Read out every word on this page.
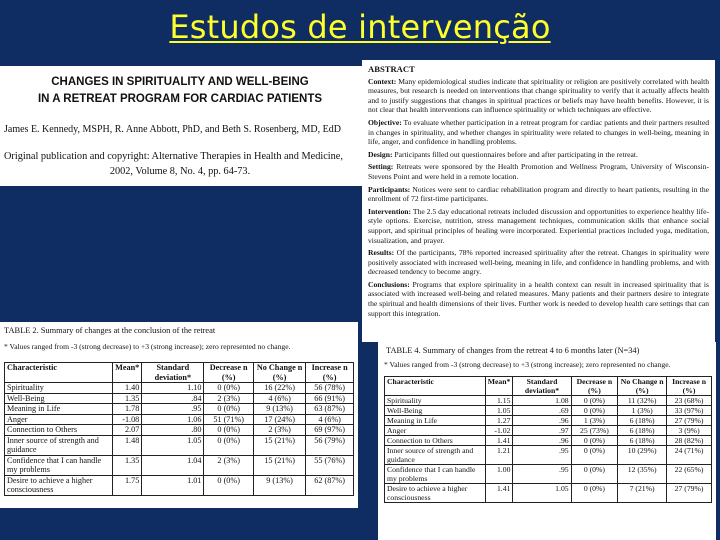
Estudos de intervenção
CHANGES IN SPIRITUALITY AND WELL-BEING
IN A RETREAT PROGRAM FOR CARDIAC PATIENTS
James E. Kennedy, MSPH, R. Anne Abbott, PhD, and Beth S. Rosenberg, MD, EdD
Original publication and copyright: Alternative Therapies in Health and Medicine,
2002, Volume 8, No. 4, pp. 64-73.
ABSTRACT

Context: Many epidemiological studies indicate that spirituality or religion are positively correlated with health measures, but research is needed on interventions that change spirituality to verify that it actually affects health and to justify suggestions that changes in spiritual practices or beliefs may have health benefits. However, it is not clear that health interventions can influence spirituality or which techniques are effective.

Objective: To evaluate whether participation in a retreat program for cardiac patients and their partners resulted in changes in spirituality, and whether changes in spirituality were related to changes in well-being, meaning in life, anger, and confidence in handling problems.

Design: Participants filled out questionnaires before and after participating in the retreat.

Setting: Retreats were sponsored by the Health Promotion and Wellness Program, University of Wisconsin-Stevens Point and were held in a remote location.

Participants: Notices were sent to cardiac rehabilitation program and directly to heart patients, resulting in the enrollment of 72 first-time participants.

Intervention: The 2.5 day educational retreats included discussion and opportunities to experience healthy life-style options. Exercise, nutrition, stress management techniques, communication skills that enhance social support, and spiritual principles of healing were incorporated. Experiential practices included yoga, meditation, visualization, and prayer.

Results: Of the participants, 78% reported increased spirituality after the retreat. Changes in spirituality were positively associated with increased well-being, meaning in life, and confidence in handling problems, and with decreased tendency to become angry.

Conclusions: Programs that explore spirituality in a health context can result in increased spirituality that is associated with increased well-being and related measures. Many patients and their partners desire to integrate the spiritual and health dimensions of their lives. Further work is needed to develop health care settings that can support this integration.

TABLE 2. Summary of changes at the conclusion of the retreat
* Values ranged from -3 (strong decrease) to +3 (strong increase); zero represented no change.
Characteristic	Mean*	Standard deviation*	Decrease n (%)	No Change n (%)	Increase n (%)
Spirituality	1.40	1.10	0 (0%)	16 (22%)	56 (78%)
Well-Being	1.35	.84	2 (3%)	4 (6%)	66 (91%)
Meaning in Life	1.78	.95	0 (0%)	9 (13%)	63 (87%)
Anger	-1.08	1.06	51 (71%)	17 (24%)	4 (6%)
Connection to Others	2.07	.80	0 (0%)	2 (3%)	69 (97%)
Inner source of strength and guidance	1.48	1.05	0 (0%)	15 (21%)	56 (79%)
Confidence that I can handle my problems	1.35	1.04	2 (3%)	15 (21%)	55 (76%)
Desire to achieve a higher consciousness	1.75	1.01	0 (0%)	9 (13%)	62 (87%)
TABLE 4. Summary of changes from the retreat 4 to 6 months later (N=34)
* Values ranged from -3 (strong decrease) to +3 (strong increase); zero represented no change.
Characteristic	Mean*	Standard deviation*	Decrease n (%)	No Change n (%)	Increase n (%)
Spirituality	1.15	1.08	0 (0%)	11 (32%)	23 (68%)
Well-Being	1.05	.69	0 (0%)	1 (3%)	33 (97%)
Meaning in Life	1.27	.96	1 (3%)	6 (18%)	27 (79%)
Anger	-1.02	.97	25 (73%)	6 (18%)	3 (9%)
Connection to Others	1.41	.96	0 (0%)	6 (18%)	28 (82%)
Inner source of strength and guidance	1.21	.95	0 (0%)	10 (29%)	24 (71%)
Confidence that I can handle my problems	1.00	.95	0 (0%)	12 (35%)	22 (65%)
Desire to achieve a higher consciousness	1.41	1.05	0 (0%)	7 (21%)	27 (79%)
